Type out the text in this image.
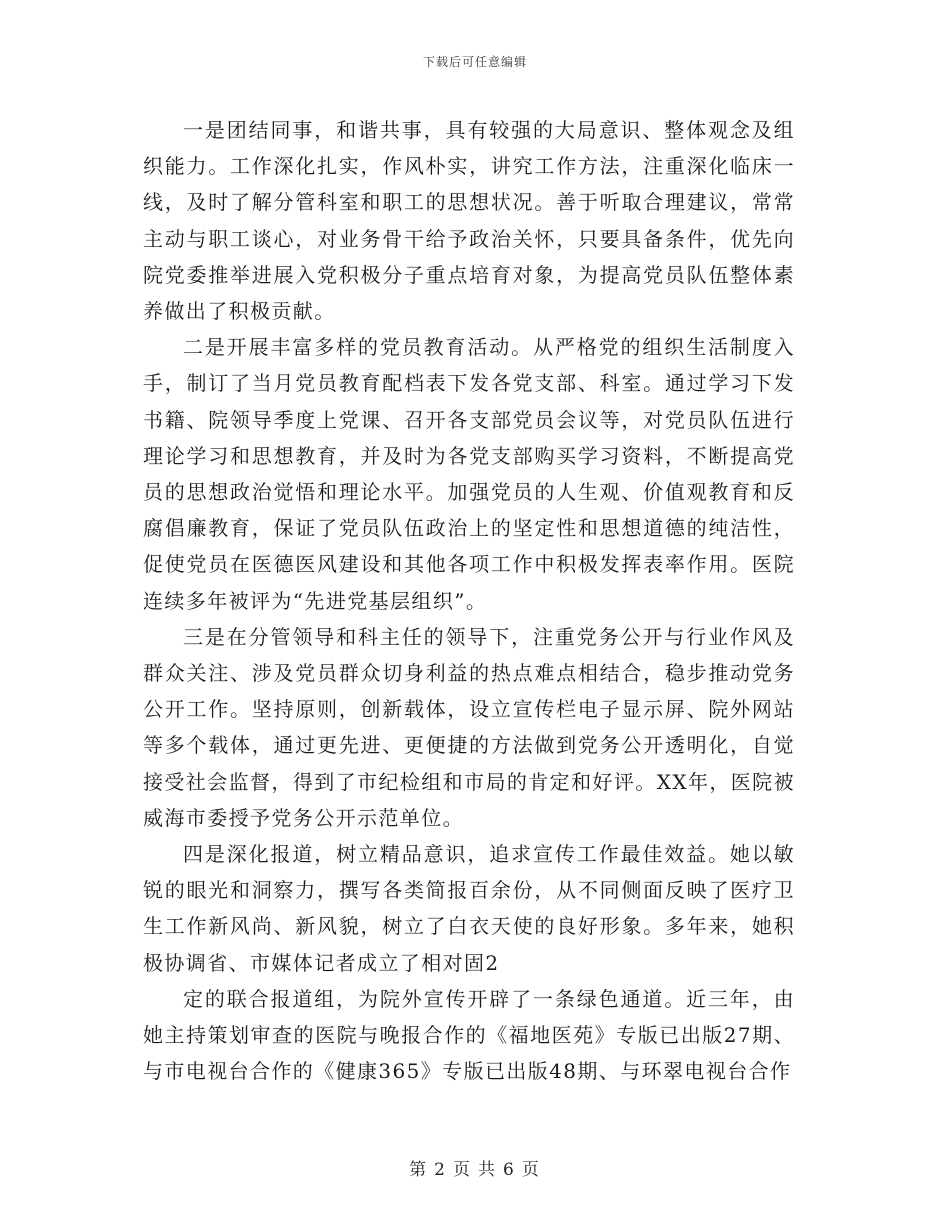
下载后可任意编辑

一是团结同事，和谐共事，具有较强的大局意识、整体观念及组织能力。工作深化扎实，作风朴实，讲究工作方法，注重深化临床一线，及时了解分管科室和职工的思想状况。善于听取合理建议，常常主动与职工谈心，对业务骨干给予政治关怀，只要具备条件，优先向院党委推举进展入党积极分子重点培育对象，为提高党员队伍整体素养做出了积极贡献。

二是开展丰富多样的党员教育活动。从严格党的组织生活制度入手，制订了当月党员教育配档表下发各党支部、科室。通过学习下发书籍、院领导季度上党课、召开各支部党员会议等，对党员队伍进行理论学习和思想教育，并及时为各党支部购买学习资料，不断提高党员的思想政治觉悟和理论水平。加强党员的人生观、价值观教育和反腐倡廉教育，保证了党员队伍政治上的坚定性和思想道德的纯洁性，促使党员在医德医风建设和其他各项工作中积极发挥表率作用。医院连续多年被评为“先进党基层组织”。

三是在分管领导和科主任的领导下，注重党务公开与行业作风及群众关注、涉及党员群众切身利益的热点难点相结合，稳步推动党务公开工作。坚持原则，创新载体，设立宣传栏电子显示屏、院外网站等多个载体，通过更先进、更便捷的方法做到党务公开透明化，自觉接受社会监督，得到了市纪检组和市局的肯定和好评。XX年，医院被威海市委授予党务公开示范单位。

四是深化报道，树立精品意识，追求宣传工作最佳效益。她以敏锐的眼光和洞察力，撰写各类简报百余份，从不同侧面反映了医疗卫生工作新风尚、新风貌，树立了白衣天使的良好形象。多年来，她积极协调省、市媒体记者成立了相对固2

定的联合报道组，为院外宣传开辟了一条绿色通道。近三年，由她主持策划审查的医院与晚报合作的《福地医苑》专版已出版27期、与市电视台合作的《健康365》专版已出版48期、与环翠电视台合作

第 2 页 共 6 页
